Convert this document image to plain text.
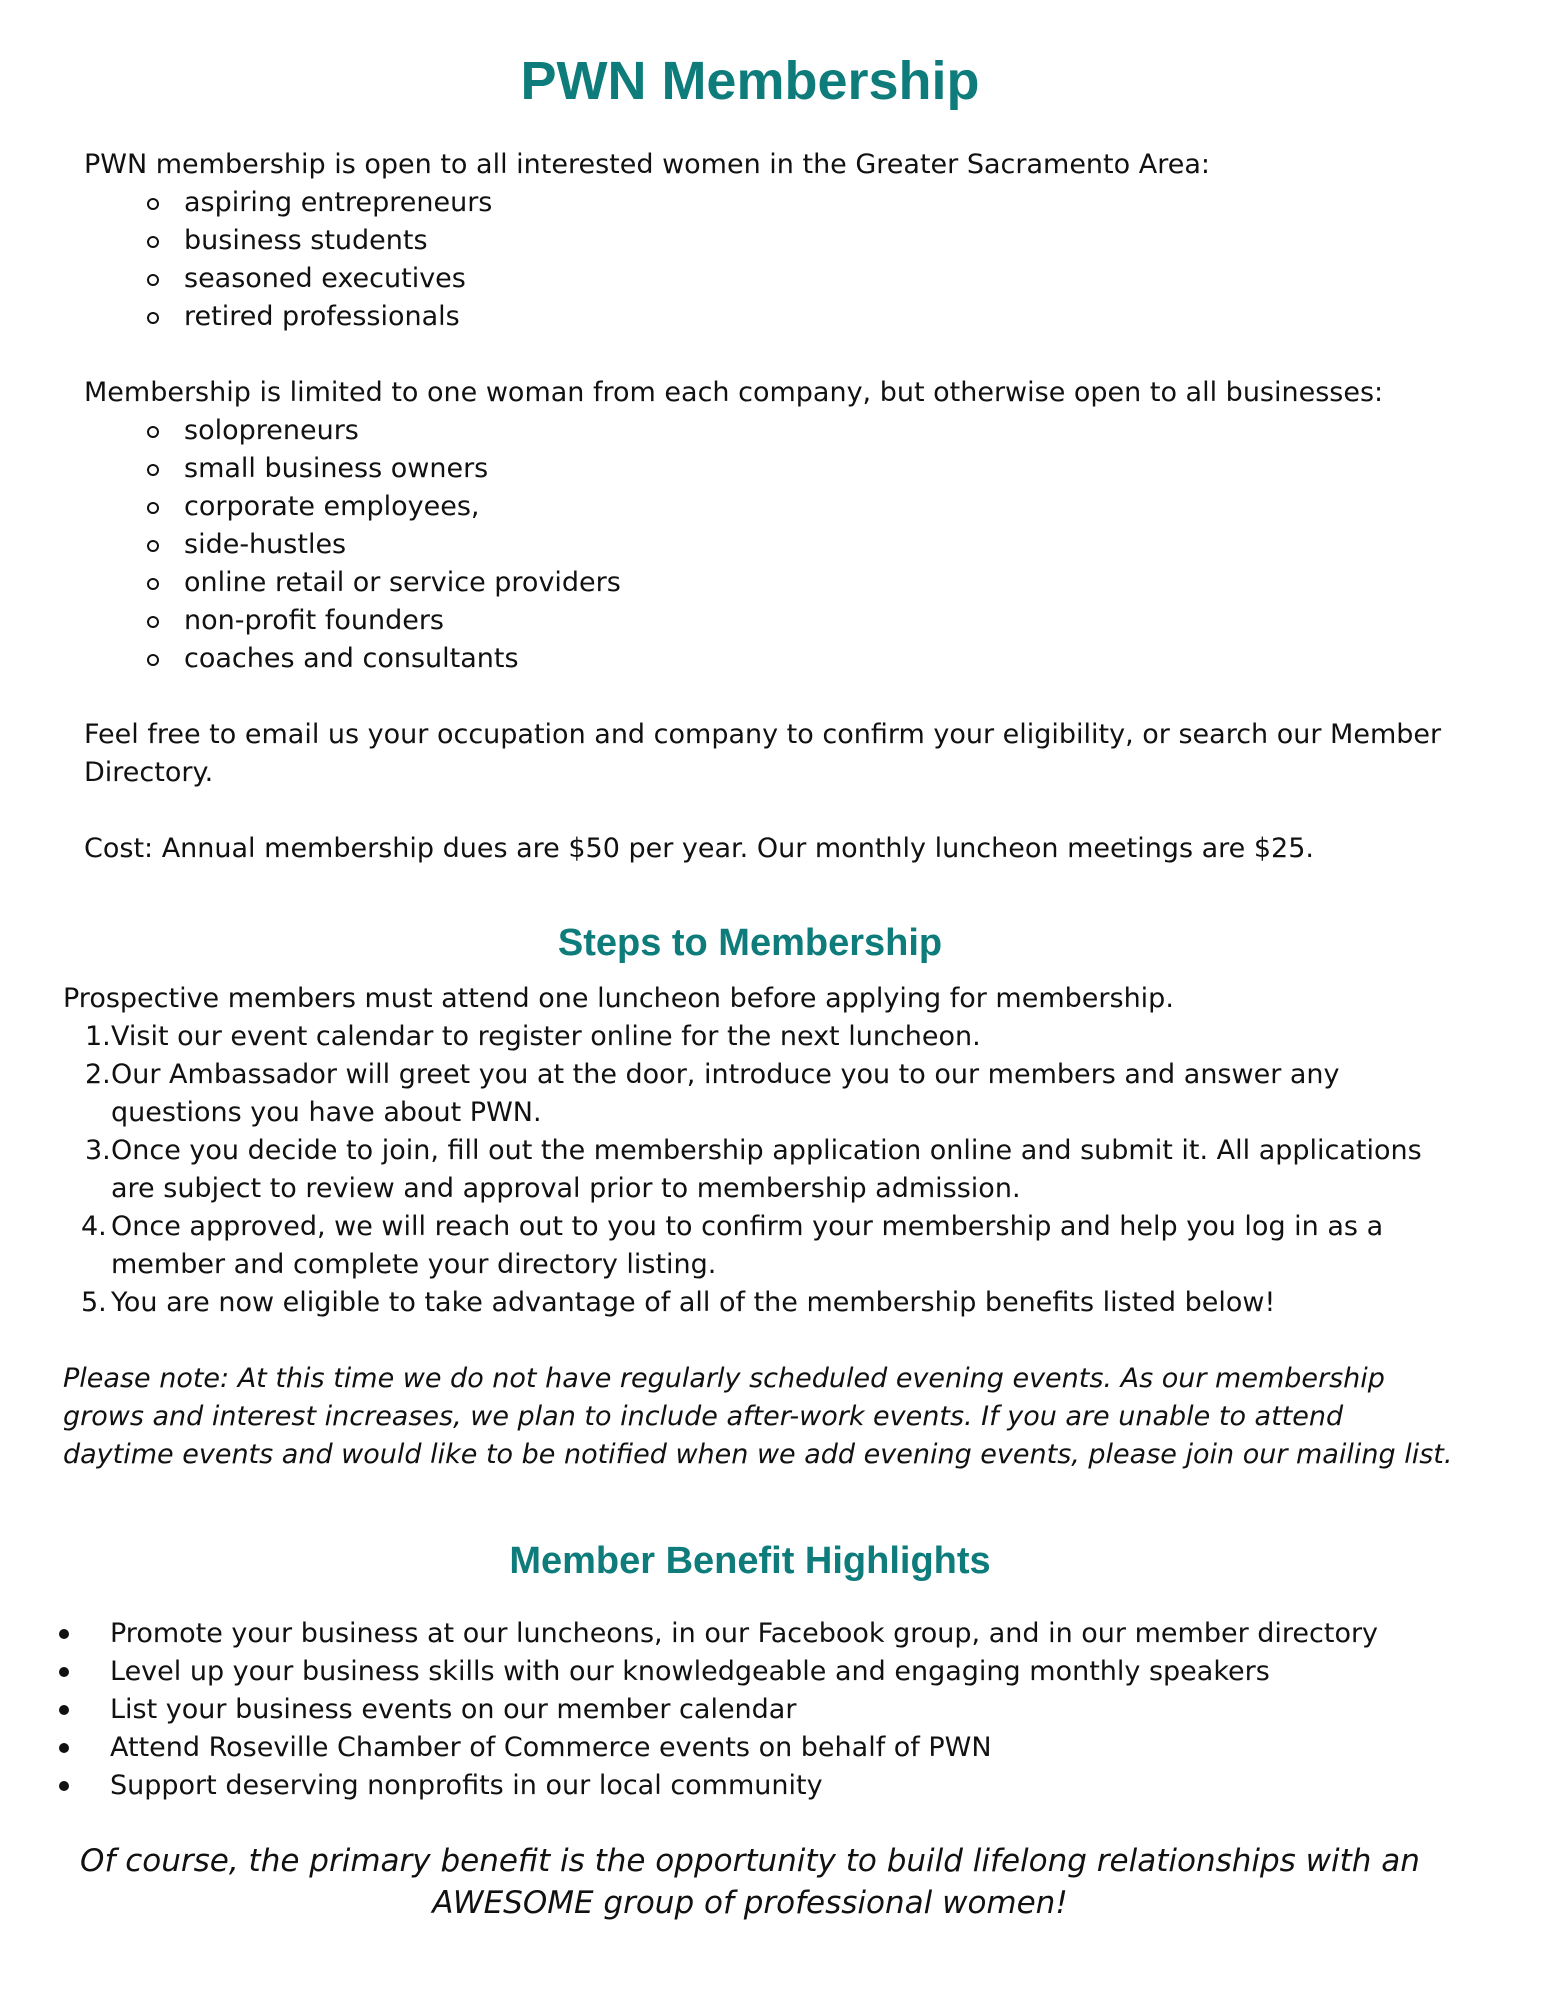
PWN Membership

PWN membership is open to all interested women in the Greater Sacramento Area:

aspiring entrepreneurs
business students
seasoned executives
retired professionals

Membership is limited to one woman from each company, but otherwise open to all businesses:

solopreneurs
small business owners
corporate employees,
side-hustles
online retail or service providers
non-profit founders
coaches and consultants

Feel free to email us your occupation and company to confirm your eligibility, or search our Member

Directory.

Cost: Annual membership dues are $50 per year. Our monthly luncheon meetings are $25.

Steps to Membership

Prospective members must attend one luncheon before applying for membership.

1. Visit our event calendar to register online for the next luncheon.
2. Our Ambassador will greet you at the door, introduce you to our members and answer any
questions you have about PWN.
3. Once you decide to join, fill out the membership application online and submit it. All applications
are subject to review and approval prior to membership admission.
4. Once approved, we will reach out to you to confirm your membership and help you log in as a
member and complete your directory listing.
5. You are now eligible to take advantage of all of the membership benefits listed below!

Please note: At this time we do not have regularly scheduled evening events. As our membership

grows and interest increases, we plan to include after-work events. If you are unable to attend

daytime events and would like to be notified when we add evening events, please join our mailing list.

Member Benefit Highlights
Promote your business at our luncheons, in our Facebook group, and in our member directory
Level up your business skills with our knowledgeable and engaging monthly speakers
List your business events on our member calendar
Attend Roseville Chamber of Commerce events on behalf of PWN
Support deserving nonprofits in our local community

Of course, the primary benefit is the opportunity to build lifelong relationships with an
AWESOME group of professional women!
